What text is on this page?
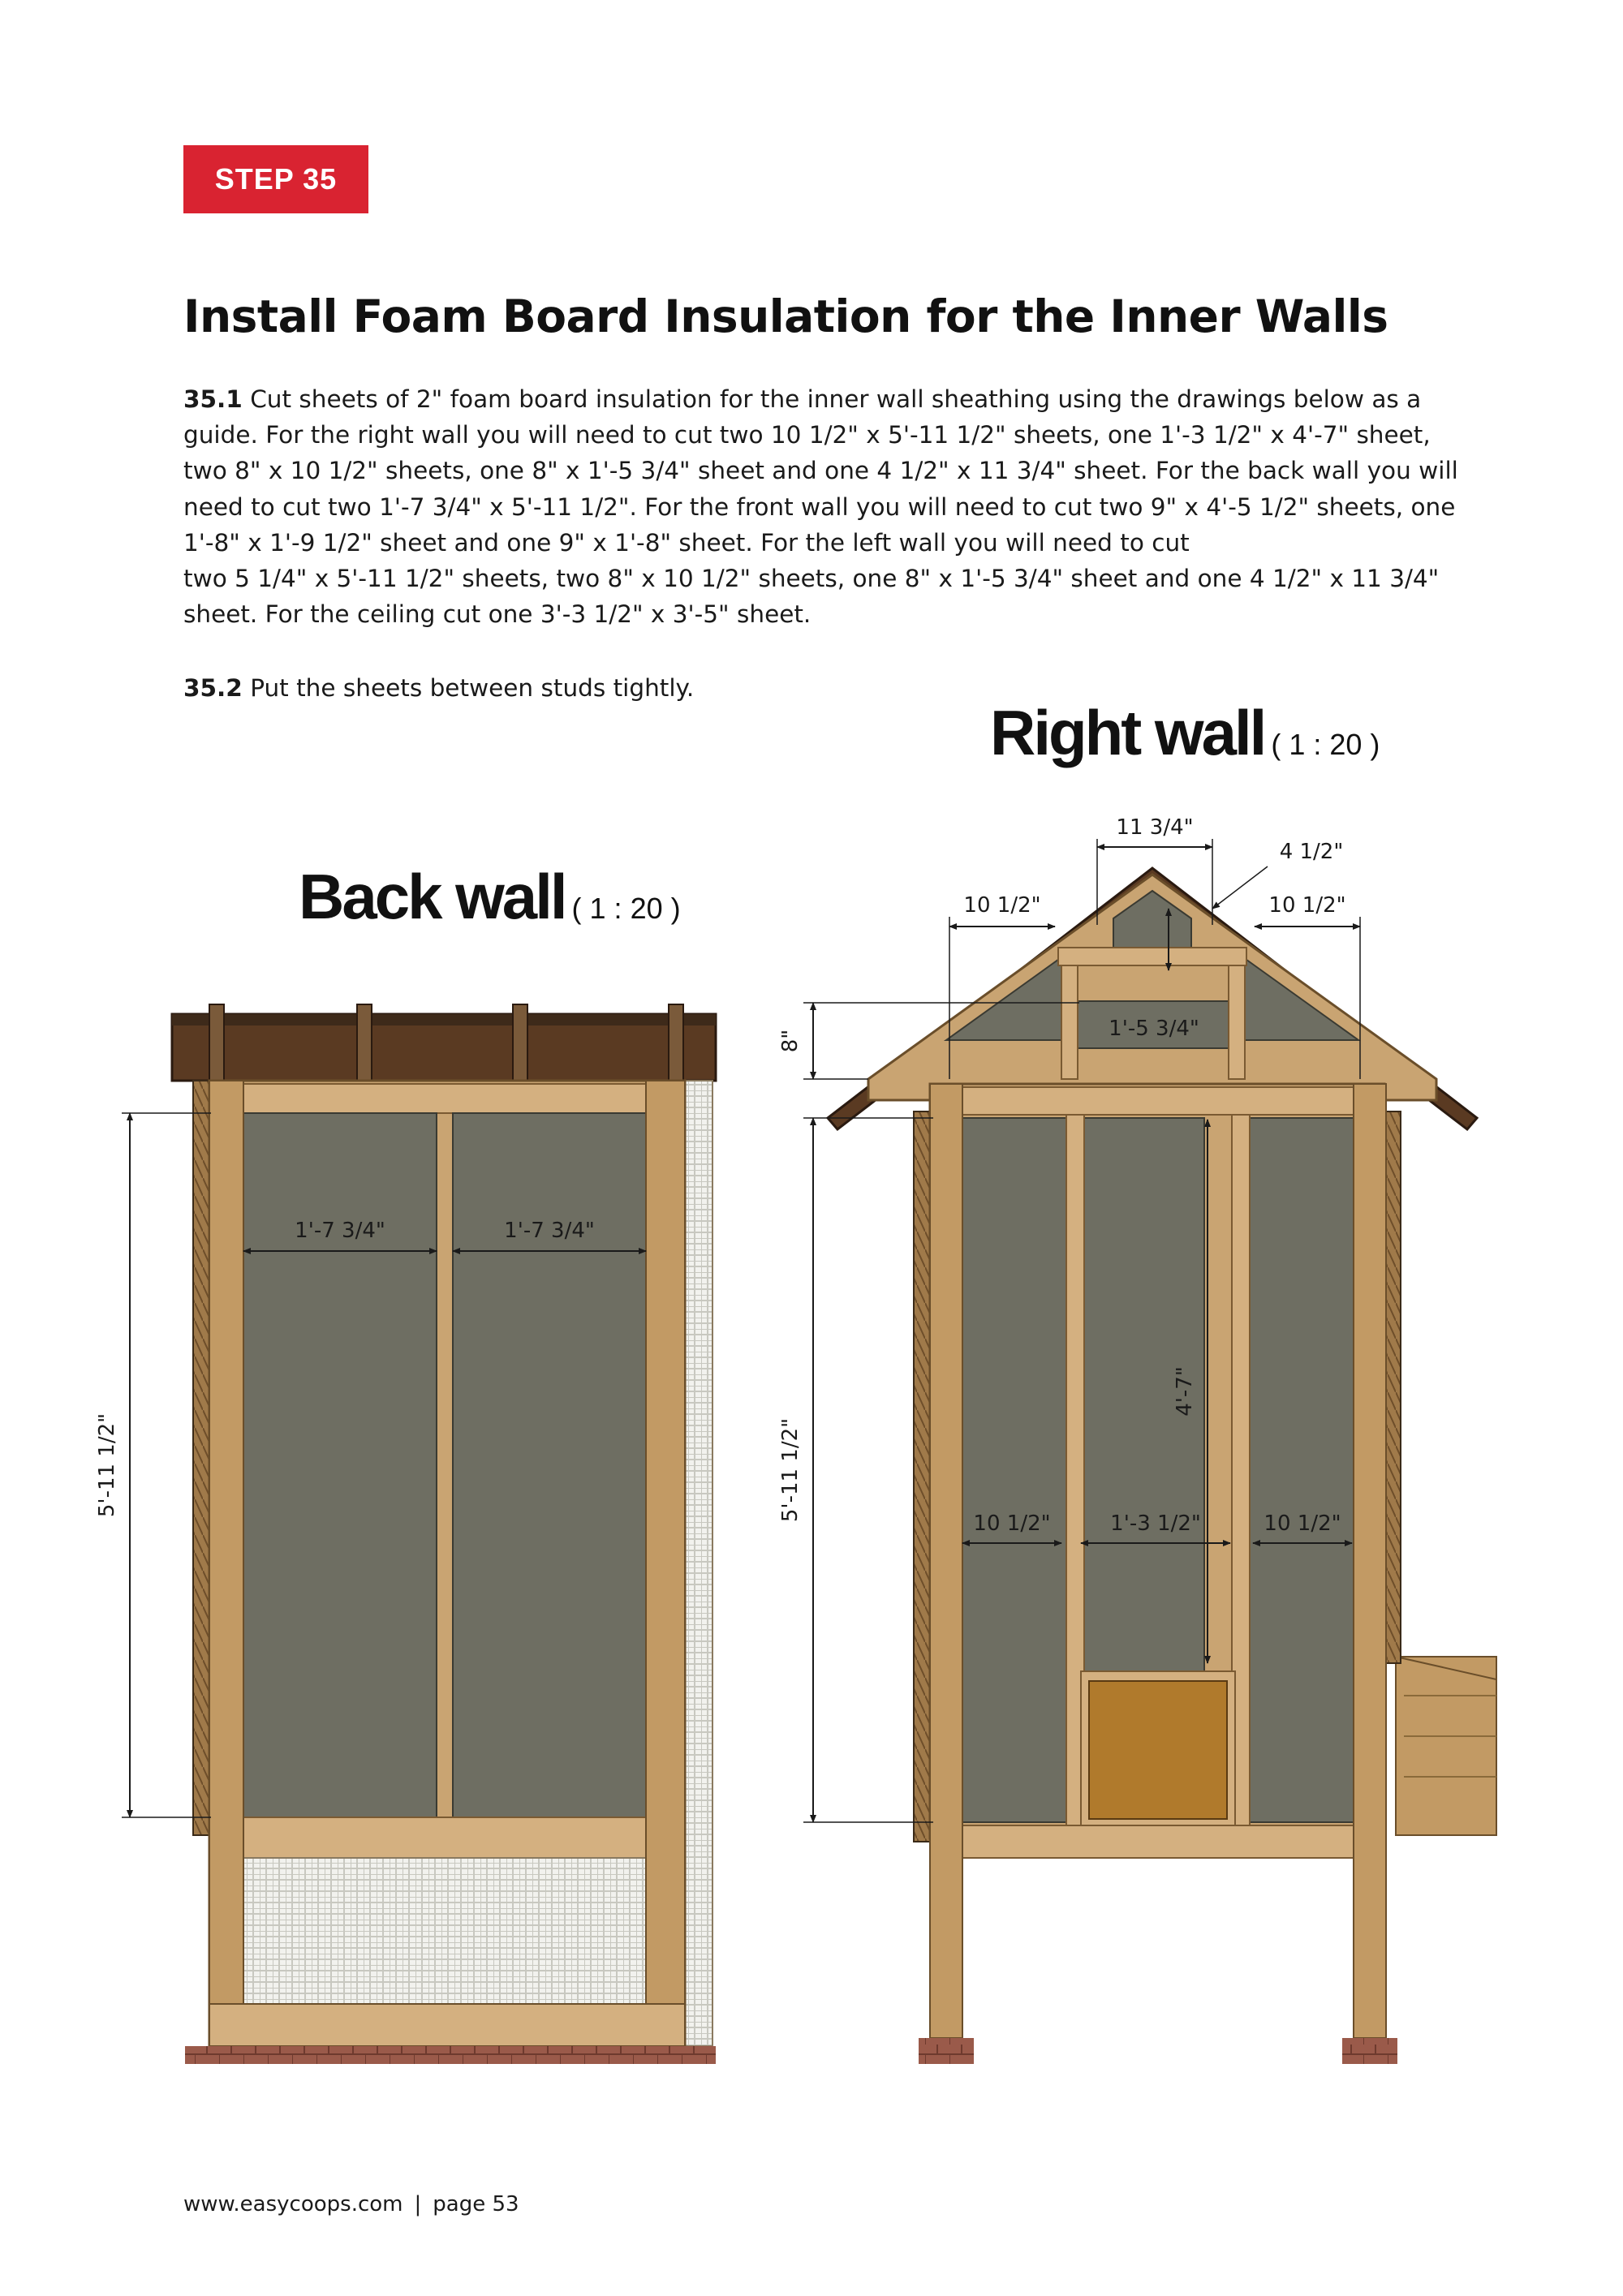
STEP 35
Install Foam Board Insulation for the Inner Walls
35.1 Cut sheets of 2" foam board insulation for the inner wall sheathing using the drawings below as a
guide. For the right wall you will need to cut two 10 1/2" x 5'-11 1/2" sheets, one 1'-3 1/2" x 4'-7" sheet,
two 8" x 10 1/2" sheets, one 8" x 1'-5 3/4" sheet and one 4 1/2" x 11 3/4" sheet. For the back wall you will
need to cut two 1'-7 3/4" x 5'-11 1/2". For the front wall you will need to cut two 9" x 4'-5 1/2" sheets, one
1'-8" x 1'-9 1/2" sheet and one 9" x 1'-8" sheet. For the left wall you will need to cut
two 5 1/4" x 5'-11 1/2" sheets, two 8" x 10 1/2" sheets, one 8" x 1'-5 3/4" sheet and one 4 1/2" x 11 3/4"
sheet. For the ceiling cut one 3'-3 1/2" x 3'-5" sheet.
35.2 Put the sheets between studs tightly.
Back wall ( 1 : 20 )
Right wall ( 1 : 20 )
1'-7 3/4"	1'-7 3/4"
5'-11 1/2"
11 3/4"
4 1/2"
10 1/2"	10 1/2"
8"	1'-5 3/4"
5'-11 1/2"
4'-7"
10 1/2"	1'-3 1/2"	10 1/2"
www.easycoops.com | page 53
